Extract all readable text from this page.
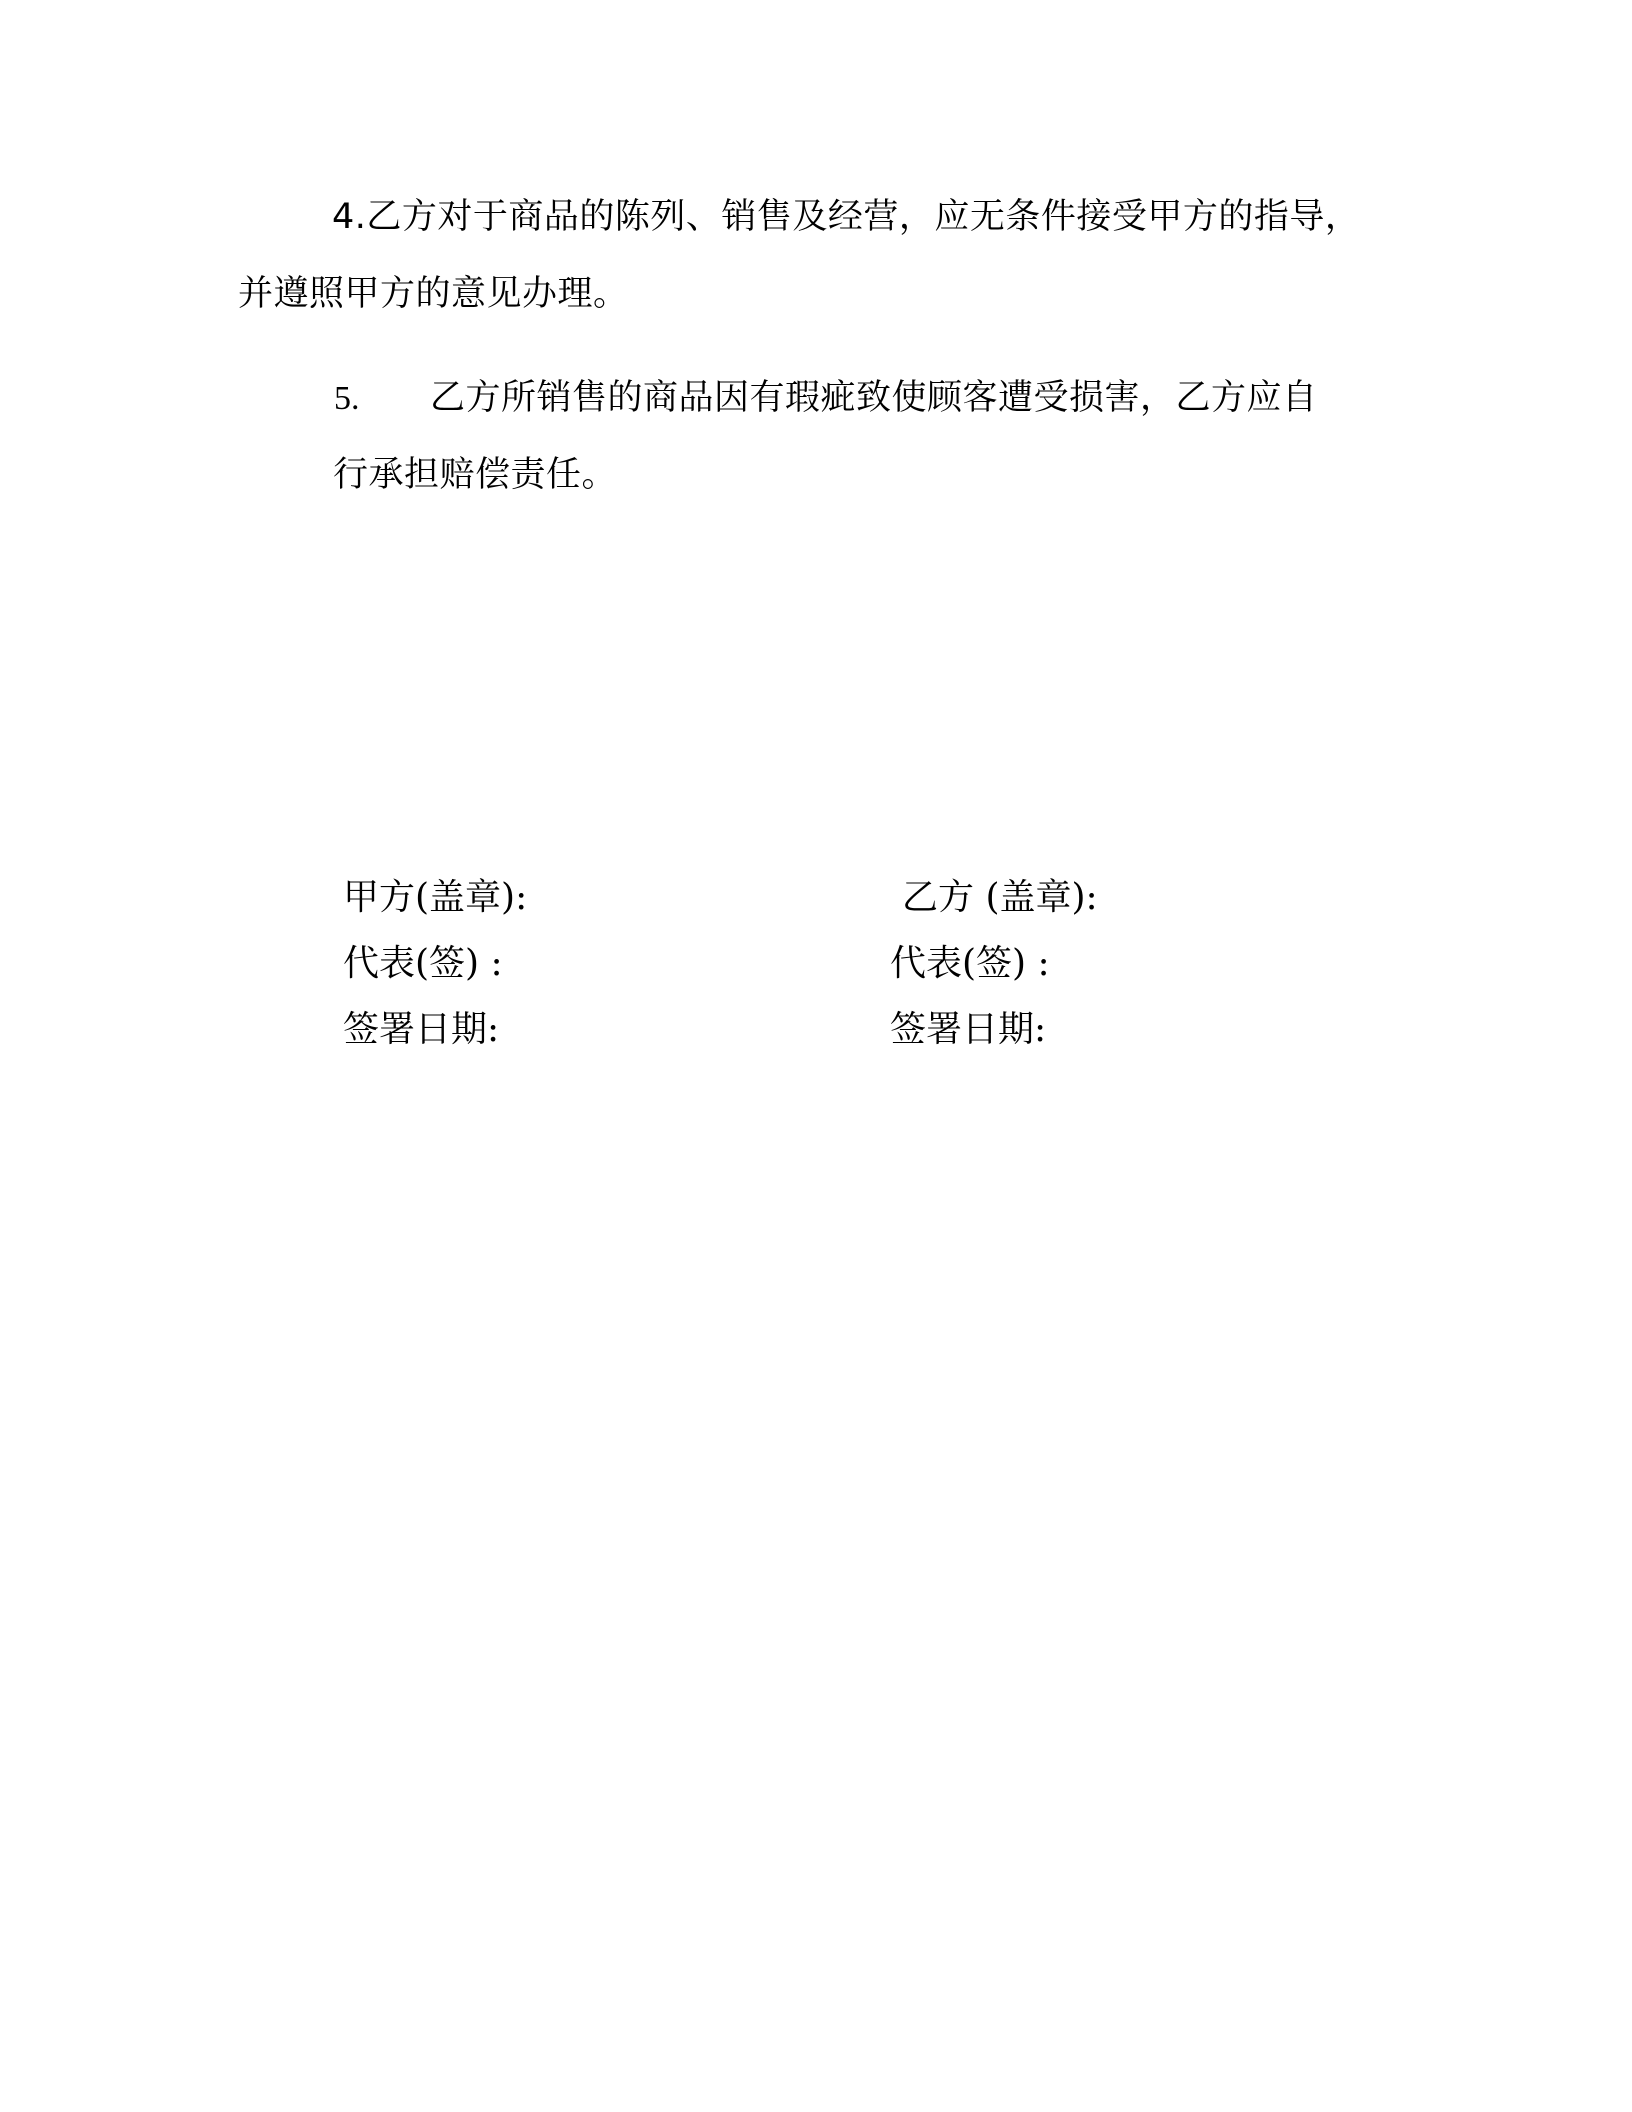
4.乙方对于商品的陈列、销售及经营，应无条件接受甲方的指导，
并遵照甲方的意见办理。
5. 乙方所销售的商品因有瑕疵致使顾客遭受损害，乙方应自
行承担赔偿责任。
甲方(盖章):
代表(签) :
签署日期:
乙方 (盖章):
代表(签) :
签署日期:
